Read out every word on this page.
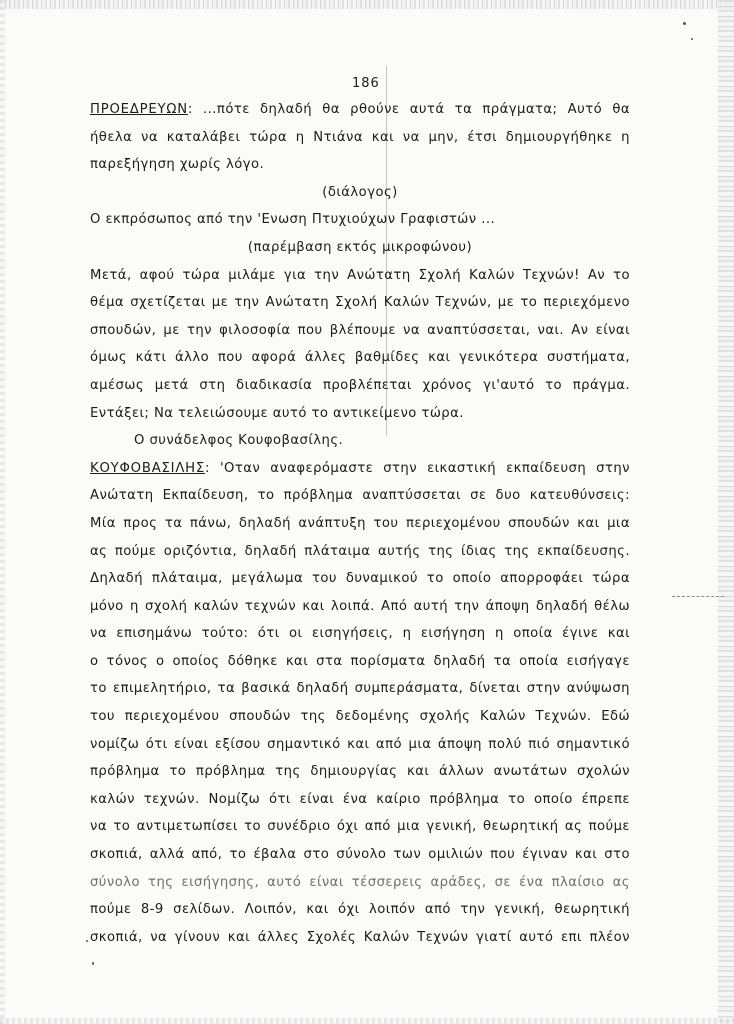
186
ΠΡΟΕΔΡΕΥΩΝ: ...πότε δηλαδή θα ρθούνε αυτά τα πράγματα; Αυτό θα
ήθελα να καταλάβει τώρα η Ντιάνα και να μην, έτσι δημιουργήθηκε η
παρεξήγηση χωρίς λόγο.
(διάλογος)
Ο εκπρόσωπος από την 'Ενωση Πτυχιούχων Γραφιστών ...
(παρέμβαση εκτός μικροφώνου)
Μετά, αφού τώρα μιλάμε για την Ανώτατη Σχολή Καλών Τεχνών! Αν το
θέμα σχετίζεται με την Ανώτατη Σχολή Καλών Τεχνών, με το περιεχόμενο
σπουδών, με την φιλοσοφία που βλέπουμε να αναπτύσσεται, ναι. Αν είναι
όμως κάτι άλλο που αφορά άλλες βαθμίδες και γενικότερα συστήματα,
αμέσως μετά στη διαδικασία προβλέπεται χρόνος γι'αυτό το πράγμα.
Εντάξει; Να τελειώσουμε αυτό το αντικείμενο τώρα.
Ο συνάδελφος Κουφοβασίλης.
ΚΟΥΦΟΒΑΣΙΛΗΣ: 'Οταν αναφερόμαστε στην εικαστική εκπαίδευση στην
Ανώτατη Εκπαίδευση, το πρόβλημα αναπτύσσεται σε δυο κατευθύνσεις:
Μία προς τα πάνω, δηλαδή ανάπτυξη του περιεχομένου σπουδών και μια
ας πούμε οριζόντια, δηλαδή πλάταιμα αυτής της ίδιας της εκπαίδευσης.
Δηλαδή πλάταιμα, μεγάλωμα του δυναμικού το οποίο απορροφάει τώρα
μόνο η σχολή καλών τεχνών και λοιπά. Από αυτή την άποψη δηλαδή θέλω
να επισημάνω τούτο: ότι οι εισηγήσεις, η εισήγηση η οποία έγινε και
ο τόνος ο οποίος δόθηκε και στα πορίσματα δηλαδή τα οποία εισήγαγε
το επιμελητήριο, τα βασικά δηλαδή συμπεράσματα, δίνεται στην ανύψωση
του περιεχομένου σπουδών της δεδομένης σχολής Καλών Τεχνών. Εδώ
νομίζω ότι είναι εξίσου σημαντικό και από μια άποψη πολύ πιό σημαντικό
πρόβλημα το πρόβλημα της δημιουργίας και άλλων ανωτάτων σχολών
καλών τεχνών. Νομίζω ότι είναι ένα καίριο πρόβλημα το οποίο έπρεπε
να το αντιμετωπίσει το συνέδριο όχι από μια γενική, θεωρητική ας πούμε
σκοπιά, αλλά από, το έβαλα στο σύνολο των ομιλιών που έγιναν και στο
σύνολο της εισήγησης, αυτό είναι τέσσερεις αράδες, σε ένα πλαίσιο ας
πούμε 8-9 σελίδων. Λοιπόν, και όχι λοιπόν από την γενική, θεωρητική
σκοπιά, να γίνουν και άλλες Σχολές Καλών Τεχνών γιατί αυτό επι πλέον
